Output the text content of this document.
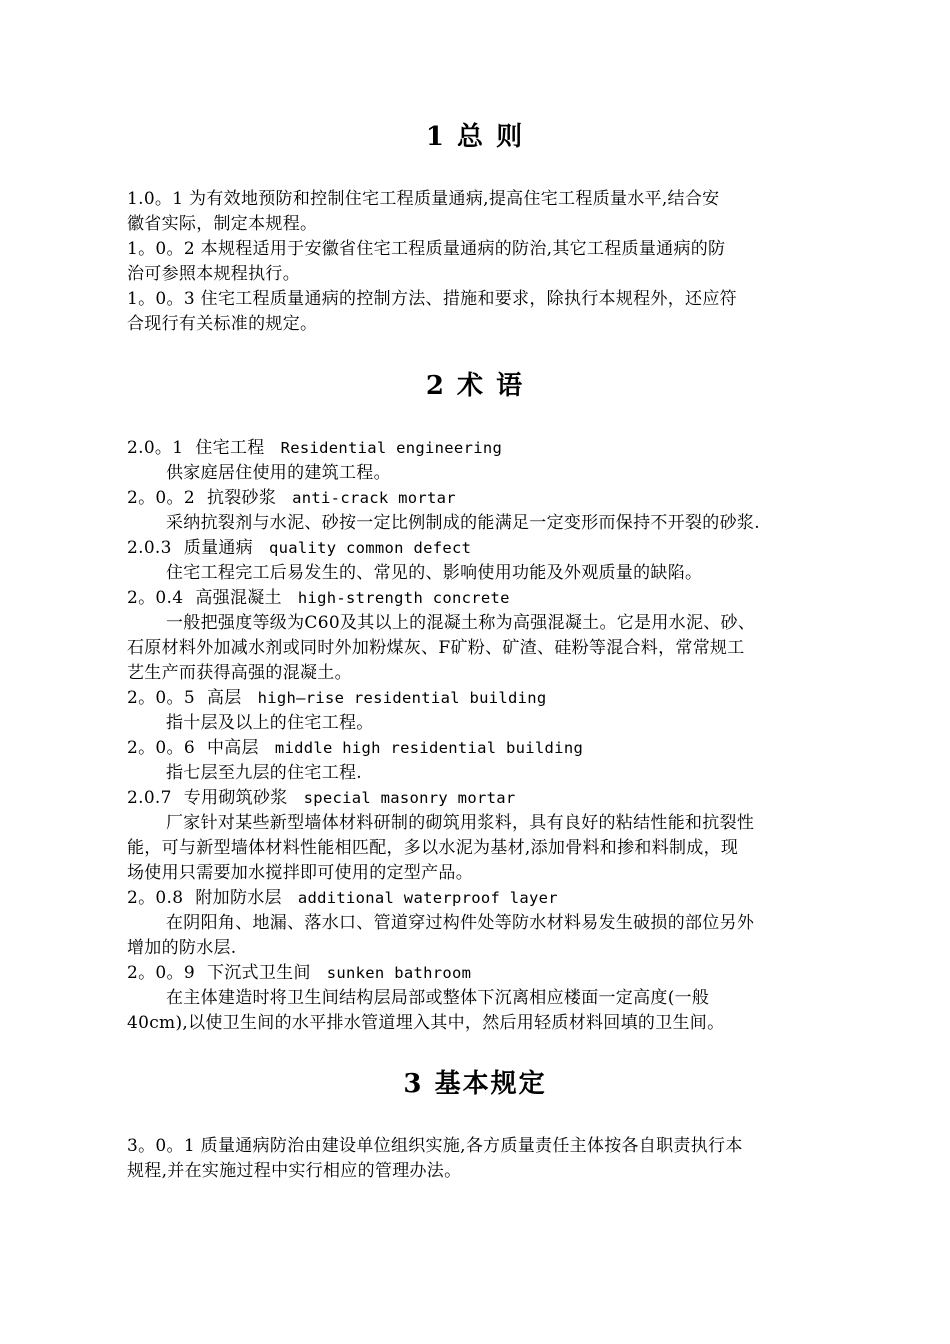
1 总 则
1.0。1 为有效地预防和控制住宅工程质量通病,提高住宅工程质量水平,结合安
徽省实际，制定本规程。
1。0。2 本规程适用于安徽省住宅工程质量通病的防治,其它工程质量通病的防
治可参照本规程执行。
1。0。3 住宅工程质量通病的控制方法、措施和要求，除执行本规程外，还应符
合现行有关标准的规定。
2 术 语
2.0。1 住宅工程 Residential engineering
供家庭居住使用的建筑工程。
2。0。2 抗裂砂浆 anti-crack mortar
采纳抗裂剂与水泥、砂按一定比例制成的能满足一定变形而保持不开裂的砂浆.
2.0.3 质量通病 quality common defect
住宅工程完工后易发生的、常见的、影响使用功能及外观质量的缺陷。
2。0.4 高强混凝土 high-strength concrete
一般把强度等级为C60及其以上的混凝土称为高强混凝土。它是用水泥、砂、
石原材料外加减水剂或同时外加粉煤灰、F矿粉、矿渣、硅粉等混合料，常常规工
艺生产而获得高强的混凝土。
2。0。5 高层 high—rise residential building
指十层及以上的住宅工程。
2。0。6 中高层 middle high residential building
指七层至九层的住宅工程.
2.0.7 专用砌筑砂浆 special masonry mortar
厂家针对某些新型墙体材料研制的砌筑用浆料，具有良好的粘结性能和抗裂性
能，可与新型墙体材料性能相匹配，多以水泥为基材,添加骨料和掺和料制成，现
场使用只需要加水搅拌即可使用的定型产品。
2。0.8 附加防水层 additional waterproof layer
在阴阳角、地漏、落水口、管道穿过构件处等防水材料易发生破损的部位另外
增加的防水层.
2。0。9 下沉式卫生间 sunken bathroom
在主体建造时将卫生间结构层局部或整体下沉离相应楼面一定高度(一般
40cm),以使卫生间的水平排水管道埋入其中，然后用轻质材料回填的卫生间。
3 基本规定
3。0。1 质量通病防治由建设单位组织实施,各方质量责任主体按各自职责执行本
规程,并在实施过程中实行相应的管理办法。
